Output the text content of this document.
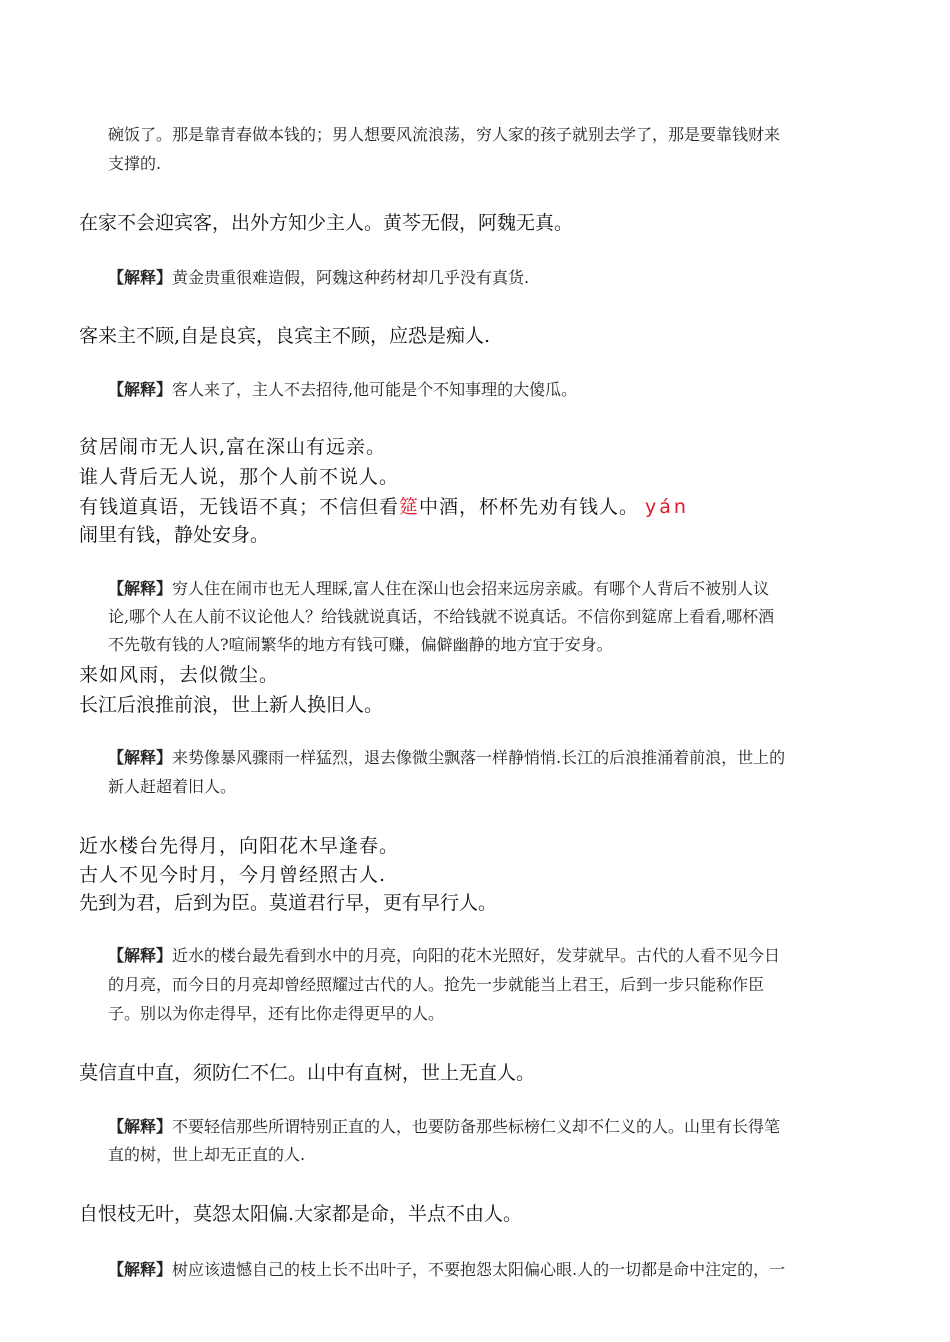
碗饭了。那是靠青春做本钱的；男人想要风流浪荡，穷人家的孩子就别去学了，那是要靠钱财来
支撑的.
在家不会迎宾客，出外方知少主人。黄芩无假，阿魏无真。
【解释】黄金贵重很难造假，阿魏这种药材却几乎没有真货.
客来主不顾,自是良宾，良宾主不顾，应恐是痴人.
【解释】客人来了，主人不去招待,他可能是个不知事理的大傻瓜。
贫居闹市无人识,富在深山有远亲。
谁人背后无人说，那个人前不说人。
有钱道真语，无钱语不真；不信但看筵中酒，杯杯先劝有钱人。 yán
闹里有钱，静处安身。
【解释】穷人住在闹市也无人理睬,富人住在深山也会招来远房亲戚。有哪个人背后不被别人议
论,哪个人在人前不议论他人？给钱就说真话，不给钱就不说真话。不信你到筵席上看看,哪杯酒
不先敬有钱的人?喧闹繁华的地方有钱可赚，偏僻幽静的地方宜于安身。
来如风雨，去似微尘。
长江后浪推前浪，世上新人换旧人。
【解释】来势像暴风骤雨一样猛烈，退去像微尘飘落一样静悄悄.长江的后浪推涌着前浪，世上的
新人赶超着旧人。
近水楼台先得月，向阳花木早逢春。
古人不见今时月，今月曾经照古人.
先到为君，后到为臣。莫道君行早，更有早行人。
【解释】近水的楼台最先看到水中的月亮，向阳的花木光照好，发芽就早。古代的人看不见今日
的月亮，而今日的月亮却曾经照耀过古代的人。抢先一步就能当上君王，后到一步只能称作臣
子。别以为你走得早，还有比你走得更早的人。
莫信直中直，须防仁不仁。山中有直树，世上无直人。
【解释】不要轻信那些所谓特别正直的人，也要防备那些标榜仁义却不仁义的人。山里有长得笔
直的树，世上却无正直的人.
自恨枝无叶，莫怨太阳偏.大家都是命，半点不由人。
【解释】树应该遗憾自己的枝上长不出叶子，不要抱怨太阳偏心眼.人的一切都是命中注定的，一
